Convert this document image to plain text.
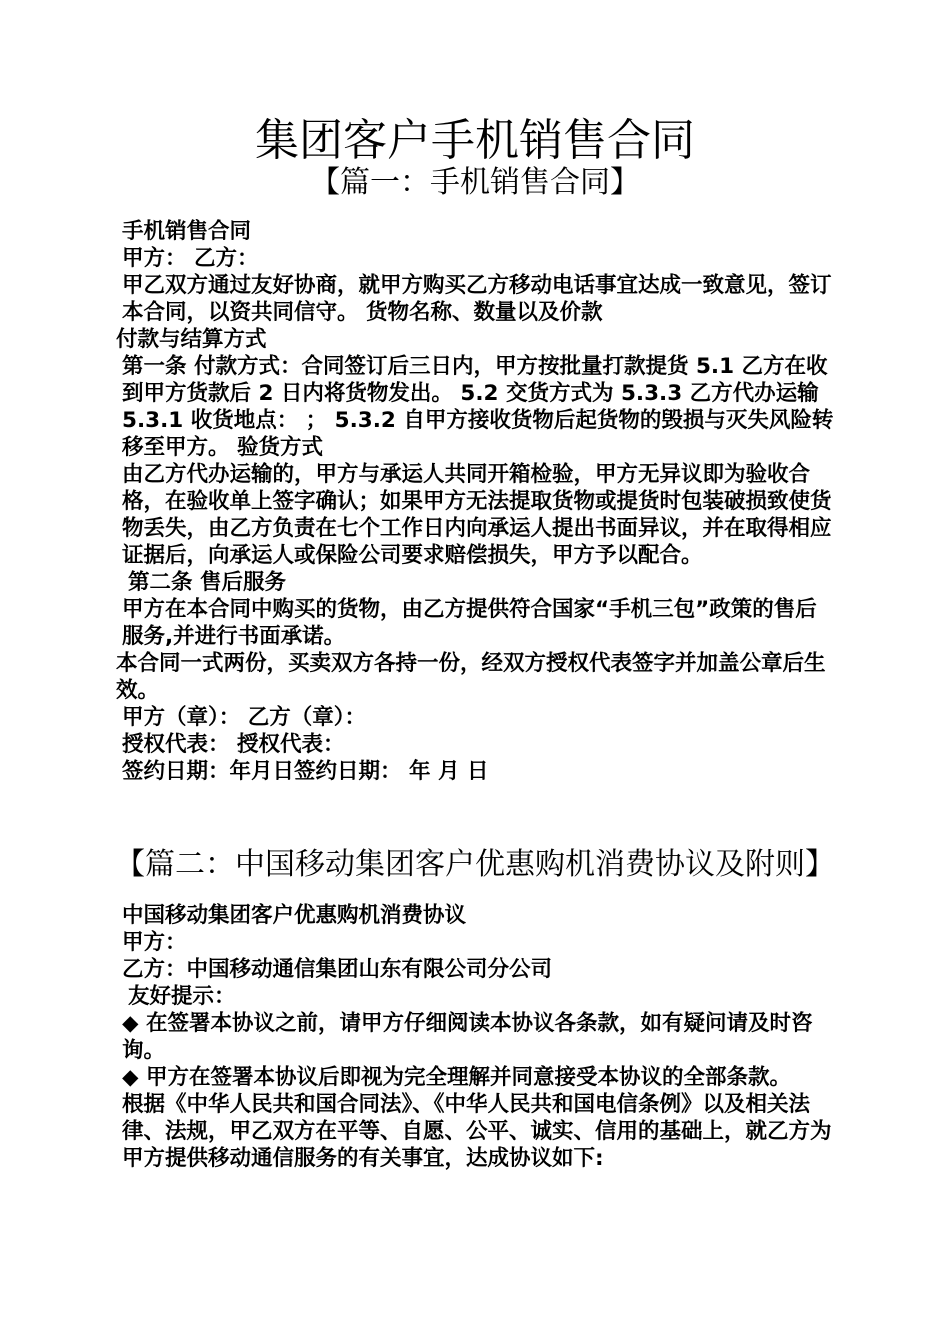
集团客户手机销售合同
【篇一：手机销售合同】

手机销售合同

甲方： 乙方：

甲乙双方通过友好协商，就甲方购买乙方移动电话事宜达成一致意见，签订本合同，以资共同信守。 货物名称、数量以及价款

付款与结算方式

第一条 付款方式：合同签订后三日内，甲方按批量打款提货 5.1 乙方在收到甲方货款后 2 日内将货物发出。 5.2 交货方式为 5.3.3 乙方代办运输

5.3.1 收货地点： ； 5.3.2 自甲方接收货物后起货物的毁损与灭失风险转移至甲方。 验货方式

由乙方代办运输的，甲方与承运人共同开箱检验，甲方无异议即为验收合格，在验收单上签字确认；如果甲方无法提取货物或提货时包装破损致使货物丢失，由乙方负责在七个工作日内向承运人提出书面异议，并在取得相应证据后，向承运人或保险公司要求赔偿损失，甲方予以配合。

第二条 售后服务

甲方在本合同中购买的货物，由乙方提供符合国家“手机三包”政策的售后服务,并进行书面承诺。

本合同一式两份，买卖双方各持一份，经双方授权代表签字并加盖公章后生效。

甲方（章）： 乙方（章）：

授权代表： 授权代表：

签约日期：年月日签约日期： 年 月 日

【篇二：中国移动集团客户优惠购机消费协议及附则】

中国移动集团客户优惠购机消费协议

甲方：

乙方：中国移动通信集团山东有限公司分公司

友好提示：

◆ 在签署本协议之前，请甲方仔细阅读本协议各条款，如有疑问请及时咨询。

◆ 甲方在签署本协议后即视为完全理解并同意接受本协议的全部条款。

根据《中华人民共和国合同法》、《中华人民共和国电信条例》以及相关法律、法规，甲乙双方在平等、自愿、公平、诚实、信用的基础上，就乙方为甲方提供移动通信服务的有关事宜，达成协议如下:
